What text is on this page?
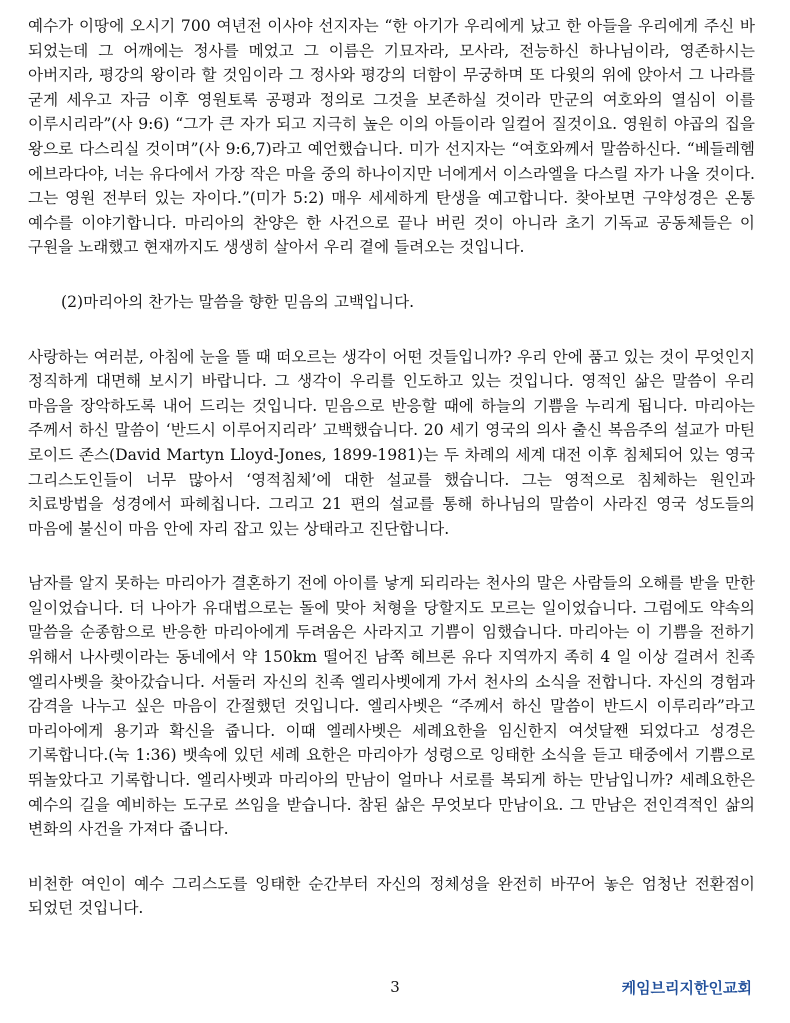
예수가 이땅에 오시기 700 여년전 이사야 선지자는 “한 아기가 우리에게 났고 한 아들을 우리에게 주신 바 되었는데 그 어깨에는 정사를 메었고 그 이름은 기묘자라, 모사라, 전능하신 하나님이라, 영존하시는 아버지라, 평강의 왕이라 할 것임이라 그 정사와 평강의 더함이 무궁하며 또 다윗의 위에 앉아서 그 나라를 굳게 세우고 자금 이후 영원토록 공평과 정의로 그것을 보존하실 것이라 만군의 여호와의 열심이 이를 이루시리라”(사 9:6) “그가 큰 자가 되고 지극히 높은 이의 아들이라 일컬어 질것이요. 영원히 야곱의 집을 왕으로 다스리실 것이며”(사 9:6,7)라고 예언했습니다. 미가 선지자는 “여호와께서 말씀하신다. “베들레헴 에브라다야, 너는 유다에서 가장 작은 마을 중의 하나이지만 너에게서 이스라엘을 다스릴 자가 나올 것이다. 그는 영원 전부터 있는 자이다.”(미가 5:2) 매우 세세하게 탄생을 예고합니다. 찾아보면 구약성경은 온통 예수를 이야기합니다. 마리아의 찬양은 한 사건으로 끝나 버린 것이 아니라 초기 기독교 공동체들은 이 구원을 노래했고 현재까지도 생생히 살아서 우리 곁에 들려오는 것입니다.

(2)마리아의 찬가는 말씀을 향한 믿음의 고백입니다.

사랑하는 여러분, 아침에 눈을 뜰 때 떠오르는 생각이 어떤 것들입니까? 우리 안에 품고 있는 것이 무엇인지 정직하게 대면해 보시기 바랍니다. 그 생각이 우리를 인도하고 있는 것입니다. 영적인 삶은 말씀이 우리 마음을 장악하도록 내어 드리는 것입니다. 믿음으로 반응할 때에 하늘의 기쁨을 누리게 됩니다. 마리아는 주께서 하신 말씀이 ‘반드시 이루어지리라’ 고백했습니다. 20 세기 영국의 의사 출신 복음주의 설교가 마틴 로이드 존스(David Martyn Lloyd-Jones, 1899-1981)는 두 차례의 세계 대전 이후 침체되어 있는 영국 그리스도인들이 너무 많아서 ‘영적침체’에 대한 설교를 했습니다. 그는 영적으로 침체하는 원인과 치료방법을 성경에서 파헤칩니다. 그리고 21 편의 설교를 통해 하나님의 말씀이 사라진 영국 성도들의 마음에 불신이 마음 안에 자리 잡고 있는 상태라고 진단합니다.

남자를 알지 못하는 마리아가 결혼하기 전에 아이를 낳게 되리라는 천사의 말은 사람들의 오해를 받을 만한 일이었습니다. 더 나아가 유대법으로는 돌에 맞아 처형을 당할지도 모르는 일이었습니다. 그럼에도 약속의 말씀을 순종함으로 반응한 마리아에게 두려움은 사라지고 기쁨이 임했습니다. 마리아는 이 기쁨을 전하기 위해서 나사렛이라는 동네에서 약 150km 떨어진 남쪽 헤브론 유다 지역까지 족히 4 일 이상 걸려서 친족 엘리사벳을 찾아갔습니다. 서둘러 자신의 친족 엘리사벳에게 가서 천사의 소식을 전합니다. 자신의 경험과 감격을 나누고 싶은 마음이 간절했던 것입니다. 엘리사벳은 “주께서 하신 말씀이 반드시 이루리라”라고 마리아에게 용기과 확신을 줍니다. 이때 엘레사벳은 세례요한을 임신한지 여섯달짼 되었다고 성경은 기록합니다.(눅 1:36) 뱃속에 있던 세례 요한은 마리아가 성령으로 잉태한 소식을 듣고 태중에서 기쁨으로 뛰놀았다고 기록합니다. 엘리사벳과 마리아의 만남이 얼마나 서로를 복되게 하는 만남입니까? 세례요한은 예수의 길을 예비하는 도구로 쓰임을 받습니다. 참된 삶은 무엇보다 만남이요. 그 만남은 전인격적인 삶의 변화의 사건을 가져다 줍니다.

비천한 여인이 예수 그리스도를 잉태한 순간부터 자신의 정체성을 완전히 바꾸어 놓은 엄청난 전환점이 되었던 것입니다.

3	케임브리지한인교회
